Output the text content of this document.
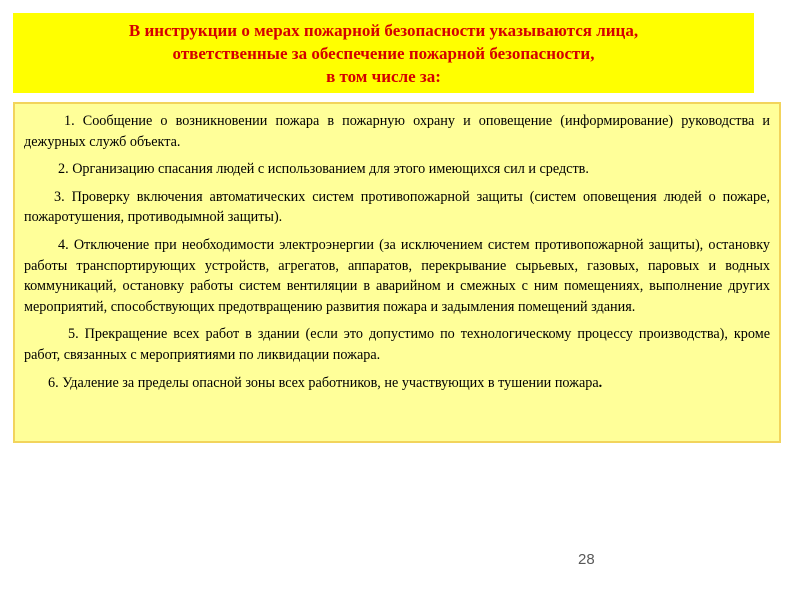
В инструкции о мерах пожарной безопасности указываются лица,
ответственные за обеспечение пожарной безопасности,
в том числе за:

1. Сообщение о возникновении пожара в пожарную охрану и оповещение (информирование) руководства и дежурных служб объекта.

2. Организацию спасания людей с использованием для этого имеющихся сил и средств.

3. Проверку включения автоматических систем противопожарной защиты (систем оповещения людей о пожаре, пожаротушения, противодымной защиты).

4. Отключение при необходимости электроэнергии (за исключением систем противопожарной защиты), остановку работы транспортирующих устройств, агрегатов, аппаратов, перекрывание сырьевых, газовых, паровых и водных коммуникаций, остановку работы систем вентиляции в аварийном и смежных с ним помещениях, выполнение других мероприятий, способствующих предотвращению развития пожара и задымления помещений здания.

5. Прекращение всех работ в здании (если это допустимо по технологическому процессу производства), кроме работ, связанных с мероприятиями по ликвидации пожара.

6. Удаление за пределы опасной зоны всех работников, не участвующих в тушении пожара.

28
